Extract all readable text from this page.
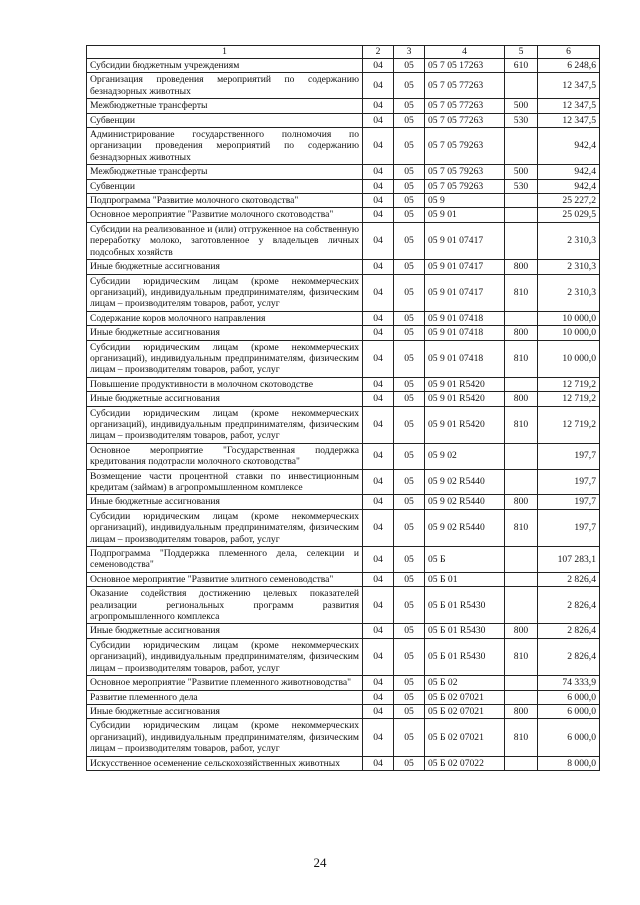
1	2	3	4	5	6
Субсидии бюджетным учреждениям	04	05	05 7 05 17263	610	6 248,6
Организация проведения мероприятий по содержанию безнадзорных животных	04	05	05 7 05 77263		12 347,5
Межбюджетные трансферты	04	05	05 7 05 77263	500	12 347,5
Субвенции	04	05	05 7 05 77263	530	12 347,5
Администрирование государственного полномочия по организации проведения мероприятий по содержанию безнадзорных животных	04	05	05 7 05 79263		942,4
Межбюджетные трансферты	04	05	05 7 05 79263	500	942,4
Субвенции	04	05	05 7 05 79263	530	942,4
Подпрограмма "Развитие молочного скотоводства"	04	05	05 9		25 227,2
Основное мероприятие "Развитие молочного скотоводства"	04	05	05 9 01		25 029,5
Субсидии на реализованное и (или) отгруженное на собственную переработку молоко, заготовленное у владельцев личных подсобных хозяйств	04	05	05 9 01 07417		2 310,3
Иные бюджетные ассигнования	04	05	05 9 01 07417	800	2 310,3
Субсидии юридическим лицам (кроме некоммерческих организаций), индивидуальным предпринимателям, физическим лицам – производителям товаров, работ, услуг	04	05	05 9 01 07417	810	2 310,3
Содержание коров молочного направления	04	05	05 9 01 07418		10 000,0
Иные бюджетные ассигнования	04	05	05 9 01 07418	800	10 000,0
Субсидии юридическим лицам (кроме некоммерческих организаций), индивидуальным предпринимателям, физическим лицам – производителям товаров, работ, услуг	04	05	05 9 01 07418	810	10 000,0
Повышение продуктивности в молочном скотоводстве	04	05	05 9 01 R5420		12 719,2
Иные бюджетные ассигнования	04	05	05 9 01 R5420	800	12 719,2
Субсидии юридическим лицам (кроме некоммерческих организаций), индивидуальным предпринимателям, физическим лицам – производителям товаров, работ, услуг	04	05	05 9 01 R5420	810	12 719,2
Основное мероприятие "Государственная поддержка кредитования подотрасли молочного скотоводства"	04	05	05 9 02		197,7
Возмещение части процентной ставки по инвестиционным кредитам (займам) в агропромышленном комплексе	04	05	05 9 02 R5440		197,7
Иные бюджетные ассигнования	04	05	05 9 02 R5440	800	197,7
Субсидии юридическим лицам (кроме некоммерческих организаций), индивидуальным предпринимателям, физическим лицам – производителям товаров, работ, услуг	04	05	05 9 02 R5440	810	197,7
Подпрограмма "Поддержка племенного дела, селекции и семеноводства"	04	05	05 Б		107 283,1
Основное мероприятие "Развитие элитного семеноводства"	04	05	05 Б 01		2 826,4
Оказание содействия достижению целевых показателей реализации региональных программ развития агропромышленного комплекса	04	05	05 Б 01 R5430		2 826,4
Иные бюджетные ассигнования	04	05	05 Б 01 R5430	800	2 826,4
Субсидии юридическим лицам (кроме некоммерческих организаций), индивидуальным предпринимателям, физическим лицам – производителям товаров, работ, услуг	04	05	05 Б 01 R5430	810	2 826,4
Основное мероприятие "Развитие племенного животноводства"	04	05	05 Б 02		74 333,9
Развитие племенного дела	04	05	05 Б 02 07021		6 000,0
Иные бюджетные ассигнования	04	05	05 Б 02 07021	800	6 000,0
Субсидии юридическим лицам (кроме некоммерческих организаций), индивидуальным предпринимателям, физическим лицам – производителям товаров, работ, услуг	04	05	05 Б 02 07021	810	6 000,0
Искусственное осеменение сельскохозяйственных животных	04	05	05 Б 02 07022		8 000,0
24
